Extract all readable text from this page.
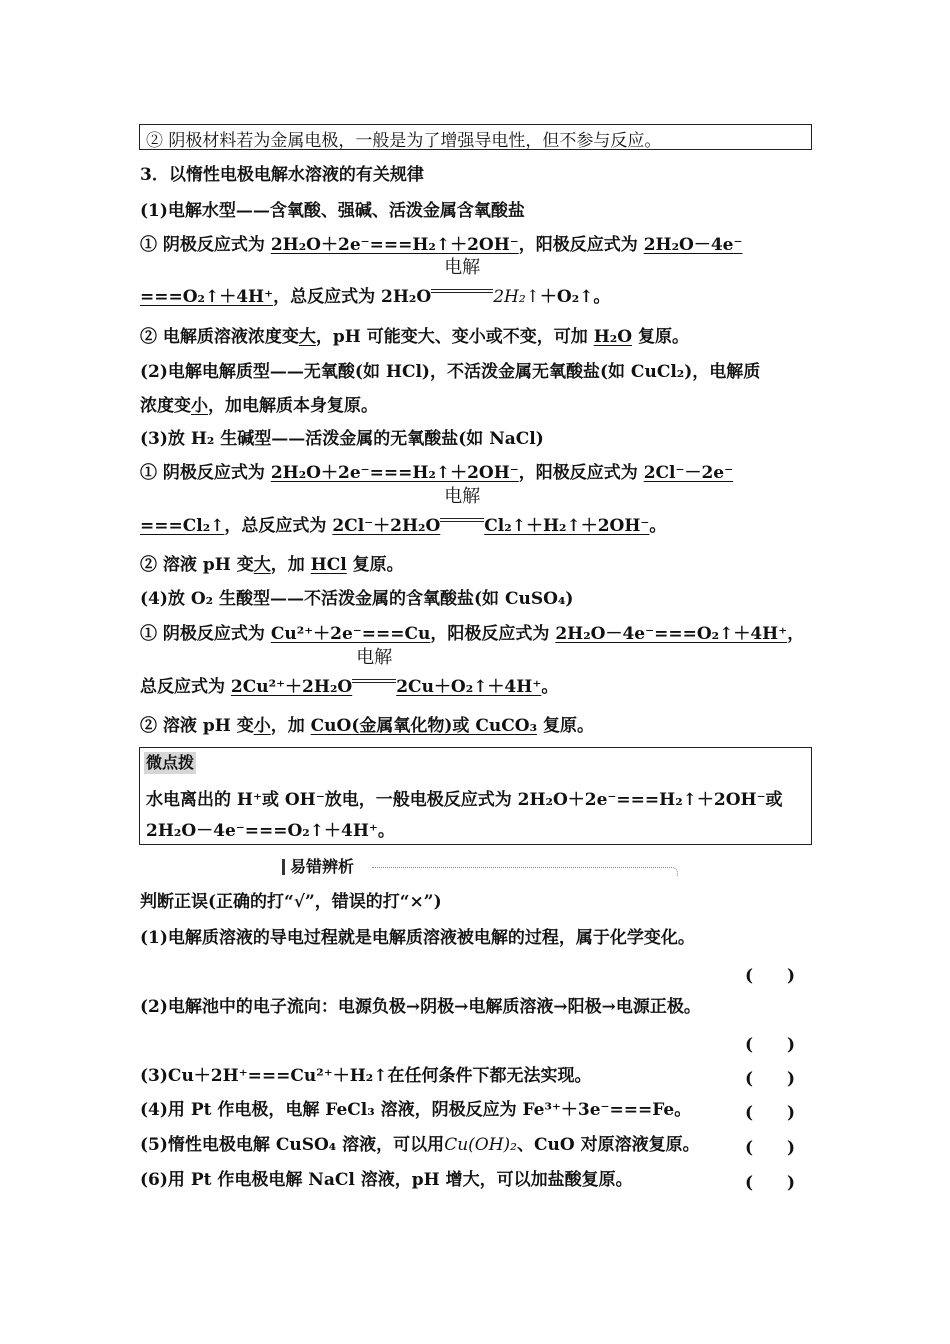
② 阴极材料若为金属电极，一般是为了增强导电性，但不参与反应。
3．以惰性电极电解水溶液的有关规律
(1)电解水型——含氧酸、强碱、活泼金属含氧酸盐
① 阴极反应式为 2H₂O＋2e⁻===H₂↑＋2OH⁻，阳极反应式为 2H₂O－4e⁻
===O₂↑＋4H⁺，总反应式为 2H₂O
电解
2H₂↑＋O₂↑。
② 电解质溶液浓度变大，pH 可能变大、变小或不变，可加 H₂O 复原。
(2)电解电解质型——无氧酸(如 HCl)，不活泼金属无氧酸盐(如 CuCl₂)，电解质
浓度变小，加电解质本身复原。
(3)放 H₂ 生碱型——活泼金属的无氧酸盐(如 NaCl)
① 阴极反应式为 2H₂O＋2e⁻===H₂↑＋2OH⁻，阳极反应式为 2Cl⁻－2e⁻
===Cl₂↑，总反应式为 2Cl⁻＋2H₂O
电解
Cl₂↑＋H₂↑＋2OH⁻。
② 溶液 pH 变大，加 HCl 复原。
(4)放 O₂ 生酸型——不活泼金属的含氧酸盐(如 CuSO₄)
① 阴极反应式为 Cu²⁺＋2e⁻===Cu，阳极反应式为 2H₂O－4e⁻===O₂↑＋4H⁺，
总反应式为 2Cu²⁺＋2H₂O
电解
2Cu＋O₂↑＋4H⁺。
② 溶液 pH 变小，加 CuO(金属氧化物)或 CuCO₃ 复原。
微点拨
水电离出的 H⁺或 OH⁻放电，一般电极反应式为 2H₂O＋2e⁻===H₂↑＋2OH⁻或
2H₂O－4e⁻===O₂↑＋4H⁺。
易错辨析
判断正误(正确的打“√”，错误的打“×”)
(1)电解质溶液的导电过程就是电解质溶液被电解的过程，属于化学变化。
(2)电解池中的电子流向：电源负极→阴极→电解质溶液→阳极→电源正极。
(3)Cu＋2H⁺===Cu²⁺＋H₂↑在任何条件下都无法实现。
(4)用 Pt 作电极，电解 FeCl₃ 溶液，阴极反应为 Fe³⁺＋3e⁻===Fe。
(5)惰性电极电解 CuSO₄ 溶液，可以用Cu(OH)₂、CuO 对原溶液复原。
(6)用 Pt 作电极电解 NaCl 溶液，pH 增大，可以加盐酸复原。
(　　)
(　　)
(　　)
(　　)
(　　)
(　　)
